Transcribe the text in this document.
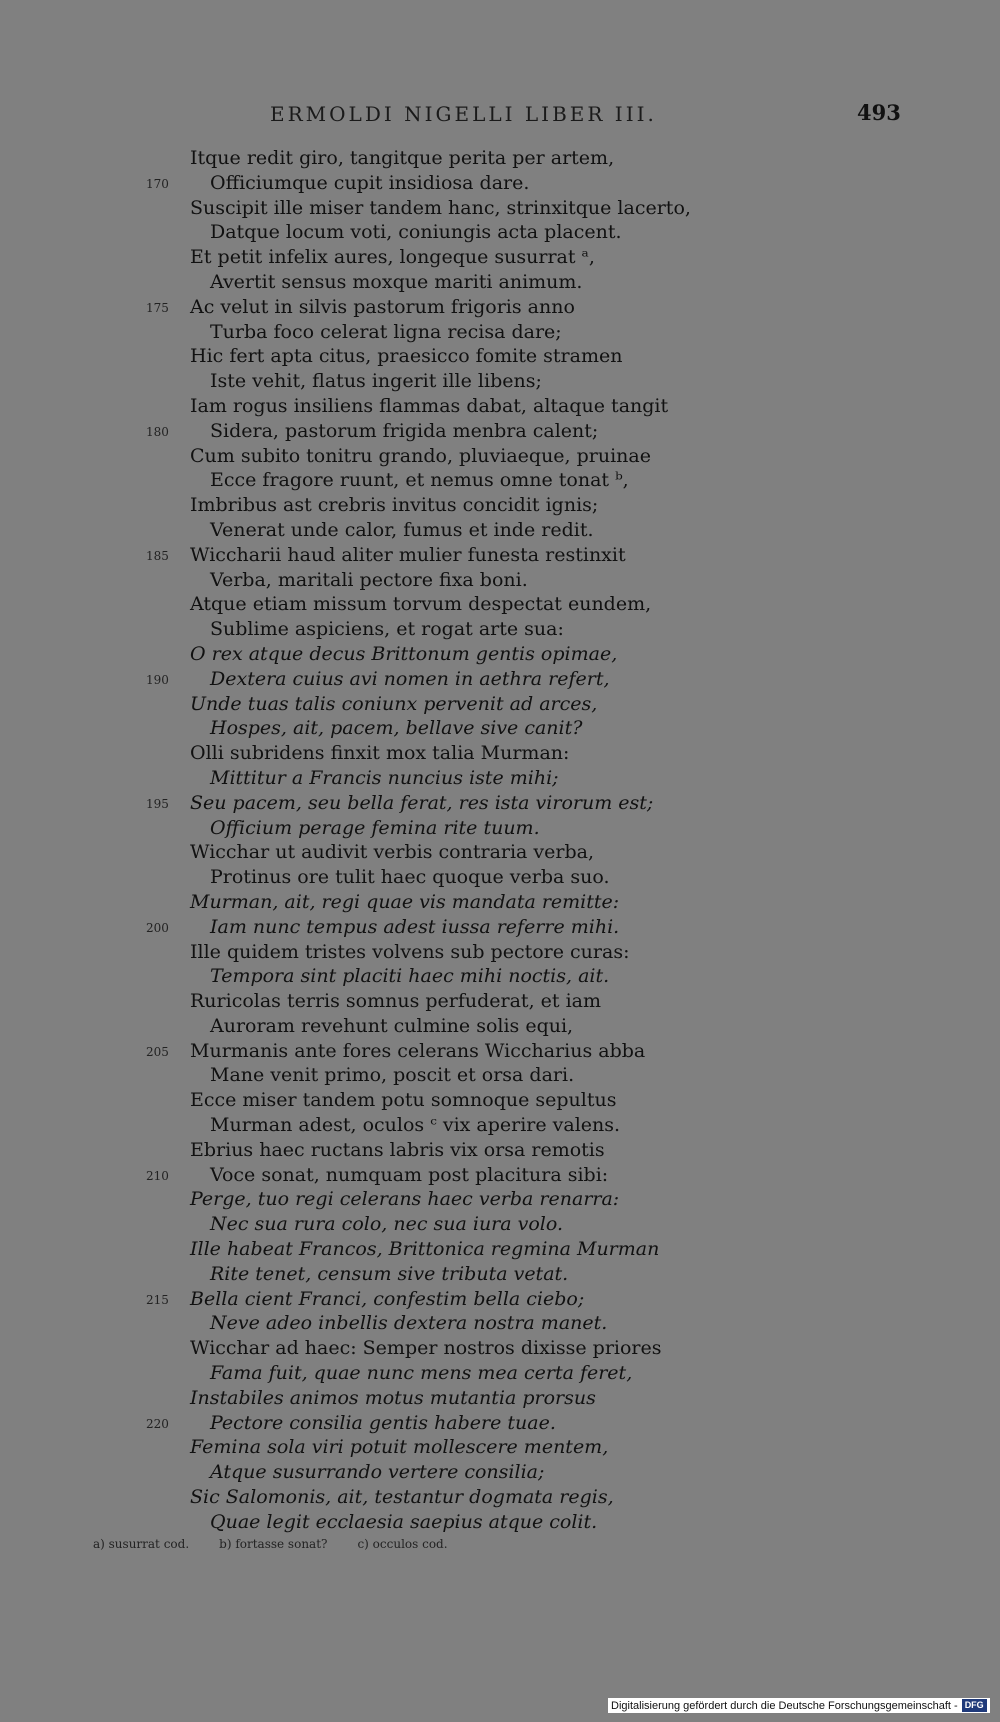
ERMOLDI NIGELLI LIBER III.	493
Itque redit giro, tangitque perita per artem,
170 Officiumque cupit insidiosa dare.
Suscipit ille miser tandem hanc, strinxitque lacerto,
Datque locum voti, coniungis acta placent.
Et petit infelix aures, longeque susurrat ᵃ,
Avertit sensus moxque mariti animum.
175 Ac velut in silvis pastorum frigoris anno
Turba foco celerat ligna recisa dare;
Hic fert apta citus, praesicco fomite stramen
Iste vehit, flatus ingerit ille libens;
Iam rogus insiliens flammas dabat, altaque tangit
180 Sidera, pastorum frigida menbra calent;
Cum subito tonitru grando, pluviaeque, pruinae
Ecce fragore ruunt, et nemus omne tonat ᵇ,
Imbribus ast crebris invitus concidit ignis;
Venerat unde calor, fumus et inde redit.
185 Wiccharii haud aliter mulier funesta restinxit
Verba, maritali pectore fixa boni.
Atque etiam missum torvum despectat eundem,
Sublime aspiciens, et rogat arte sua:
O rex atque decus Brittonum gentis opimae,
190 Dextera cuius avi nomen in aethra refert,
Unde tuas talis coniunx pervenit ad arces,
Hospes, ait, pacem, bellave sive canit?
Olli subridens finxit mox talia Murman:
Mittitur a Francis nuncius iste mihi;
195 Seu pacem, seu bella ferat, res ista virorum est;
Officium perage femina rite tuum.
Wicchar ut audivit verbis contraria verba,
Protinus ore tulit haec quoque verba suo.
Murman, ait, regi quae vis mandata remitte:
200 Iam nunc tempus adest iussa referre mihi.
Ille quidem tristes volvens sub pectore curas:
Tempora sint placiti haec mihi noctis, ait.
Ruricolas terris somnus perfuderat, et iam
Auroram revehunt culmine solis equi,
205 Murmanis ante fores celerans Wiccharius abba
Mane venit primo, poscit et orsa dari.
Ecce miser tandem potu somnoque sepultus
Murman adest, oculos ᶜ vix aperire valens.
Ebrius haec ructans labris vix orsa remotis
210 Voce sonat, numquam post placitura sibi:
Perge, tuo regi celerans haec verba renarra:
Nec sua rura colo, nec sua iura volo.
Ille habeat Francos, Brittonica regmina Murman
Rite tenet, censum sive tributa vetat.
215 Bella cient Franci, confestim bella ciebo;
Neve adeo inbellis dextera nostra manet.
Wicchar ad haec: Semper nostros dixisse priores
Fama fuit, quae nunc mens mea certa feret,
Instabiles animos motus mutantia prorsus
220 Pectore consilia gentis habere tuae.
Femina sola viri potuit mollescere mentem,
Atque susurrando vertere consilia;
Sic Salomonis, ait, testantur dogmata regis,
Quae legit ecclaesia saepius atque colit.
a) susurrat cod.	b) fortasse sonat?	c) occulos cod.
Digitalisierung gefördert durch die Deutsche Forschungsgemeinschaft - DFG
